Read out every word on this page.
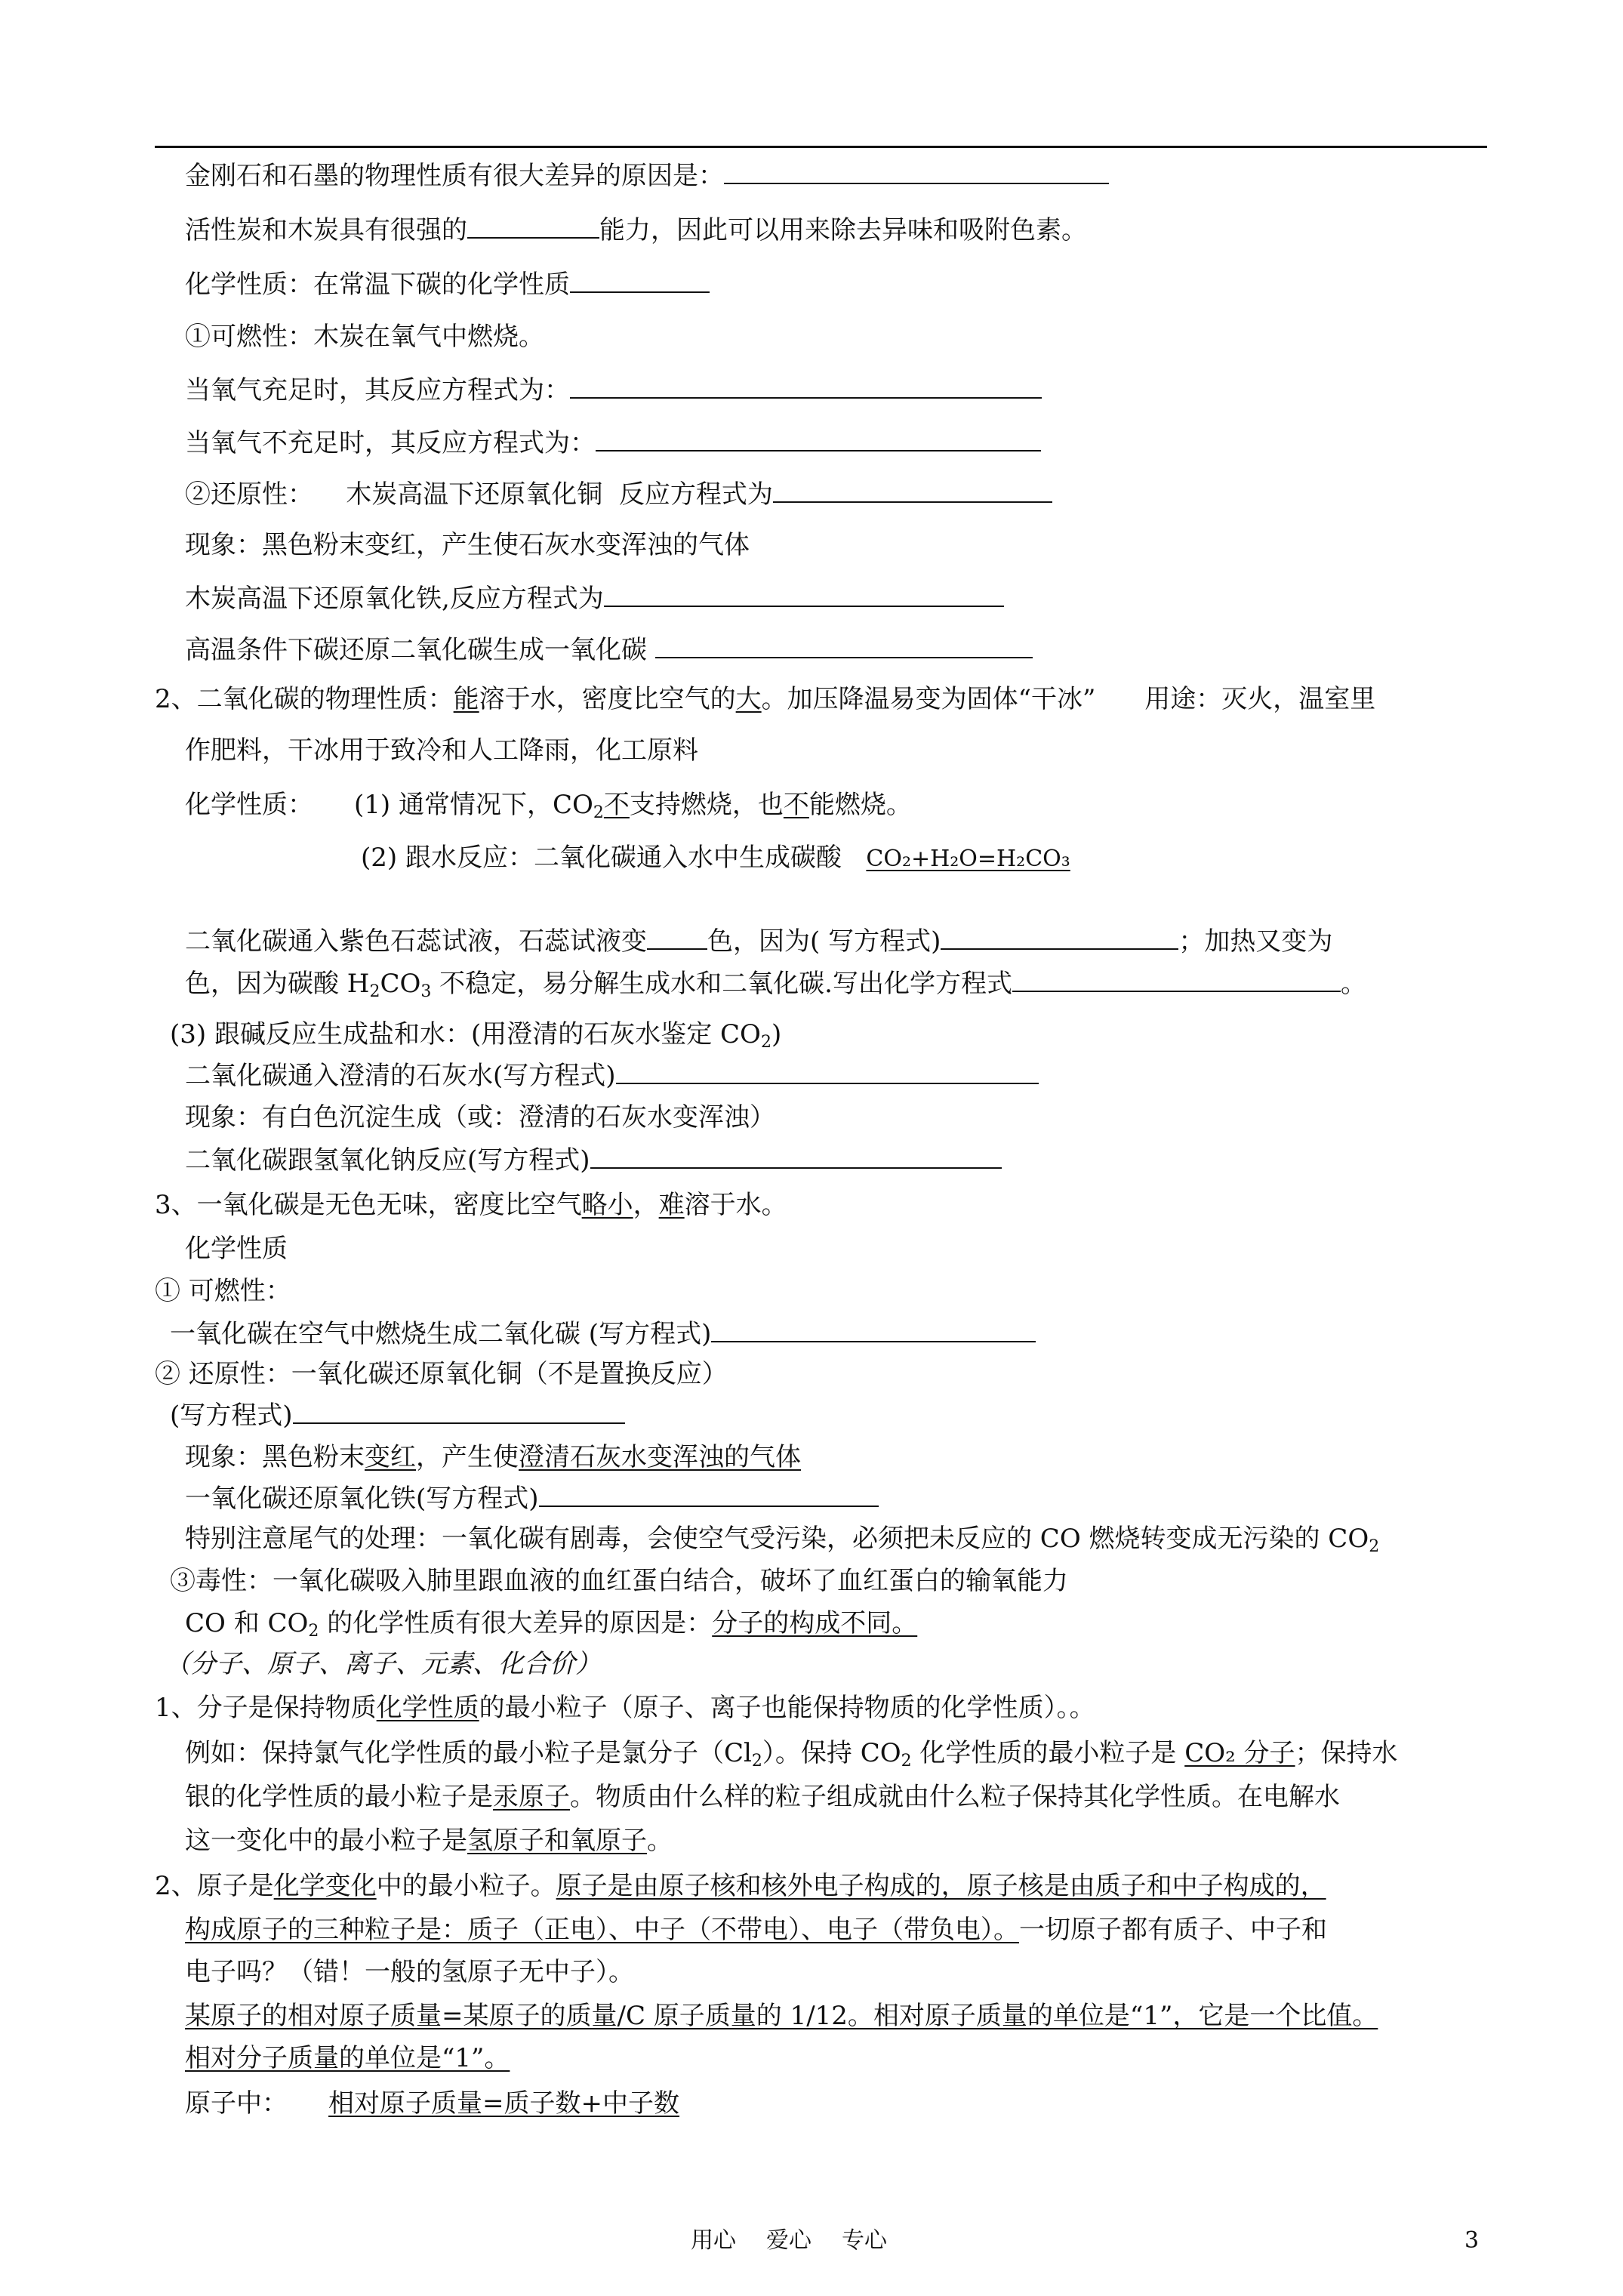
金刚石和石墨的物理性质有很大差异的原因是：
活性炭和木炭具有很强的	能力，因此可以用来除去异味和吸附色素。
化学性质：在常温下碳的化学性质
①可燃性：木炭在氧气中燃烧。
当氧气充足时，其反应方程式为：
当氧气不充足时，其反应方程式为：
②还原性：    木炭高温下还原氧化铜  反应方程式为
现象：黑色粉末变红，产生使石灰水变浑浊的气体
木炭高温下还原氧化铁,反应方程式为
高温条件下碳还原二氧化碳生成一氧化碳
2、二氧化碳的物理性质：能溶于水，密度比空气的大。加压降温易变为固体“干冰”      用途：灭火，温室里
作肥料，干冰用于致冷和人工降雨，化工原料
化学性质：     (1) 通常情况下，$CO_2$不支持燃烧，也不能燃烧。
(2) 跟水反应：二氧化碳通入水中生成碳酸   CO₂+H₂O=H₂CO₃
二氧化碳通入紫色石蕊试液，石蕊试液变 色，因为( 写方程式)	；加热又变为
色，因为碳酸 $H_2CO_3$ 不稳定，易分解生成水和二氧化碳.写出化学方程式	。
(3) 跟碱反应生成盐和水：(用澄清的石灰水鉴定 $CO_2$)
二氧化碳通入澄清的石灰水(写方程式)
现象：有白色沉淀生成（或：澄清的石灰水变浑浊）
二氧化碳跟氢氧化钠反应(写方程式)
3、一氧化碳是无色无味，密度比空气略小，难溶于水。
化学性质
① 可燃性：
一氧化碳在空气中燃烧生成二氧化碳 (写方程式)
② 还原性：一氧化碳还原氧化铜（不是置换反应）
(写方程式)
现象：黑色粉末变红，产生使澄清石灰水变浑浊的气体
一氧化碳还原氧化铁(写方程式)
特别注意尾气的处理：一氧化碳有剧毒，会使空气受污染，必须把未反应的 CO 燃烧转变成无污染的 $CO_2$
③毒性：一氧化碳吸入肺里跟血液的血红蛋白结合，破坏了血红蛋白的输氧能力
CO 和 $CO_2$ 的化学性质有很大差异的原因是：分子的构成不同。
（分子、原子、离子、元素、化合价）
1、分子是保持物质化学性质的最小粒子（原子、离子也能保持物质的化学性质）。。
例如：保持氯气化学性质的最小粒子是氯分子$(Cl_2)$。保持 $CO_2$ 化学性质的最小粒子是 CO₂ 分子；保持水
银的化学性质的最小粒子是汞原子。物质由什么样的粒子组成就由什么粒子保持其化学性质。在电解水
这一变化中的最小粒子是氢原子和氧原子。
2、原子是化学变化中的最小粒子。原子是由原子核和核外电子构成的，原子核是由质子和中子构成的，
构成原子的三种粒子是：质子（正电）、中子（不带电）、电子（带负电）。一切原子都有质子、中子和
电子吗？（错！一般的氢原子无中子）。
某原子的相对原子质量=某原子的质量/C 原子质量的 1/12。相对原子质量的单位是“1”，它是一个比值。
相对分子质量的单位是“1”。
原子中：     相对原子质量=质子数+中子数
用心 爱心 专心	3
